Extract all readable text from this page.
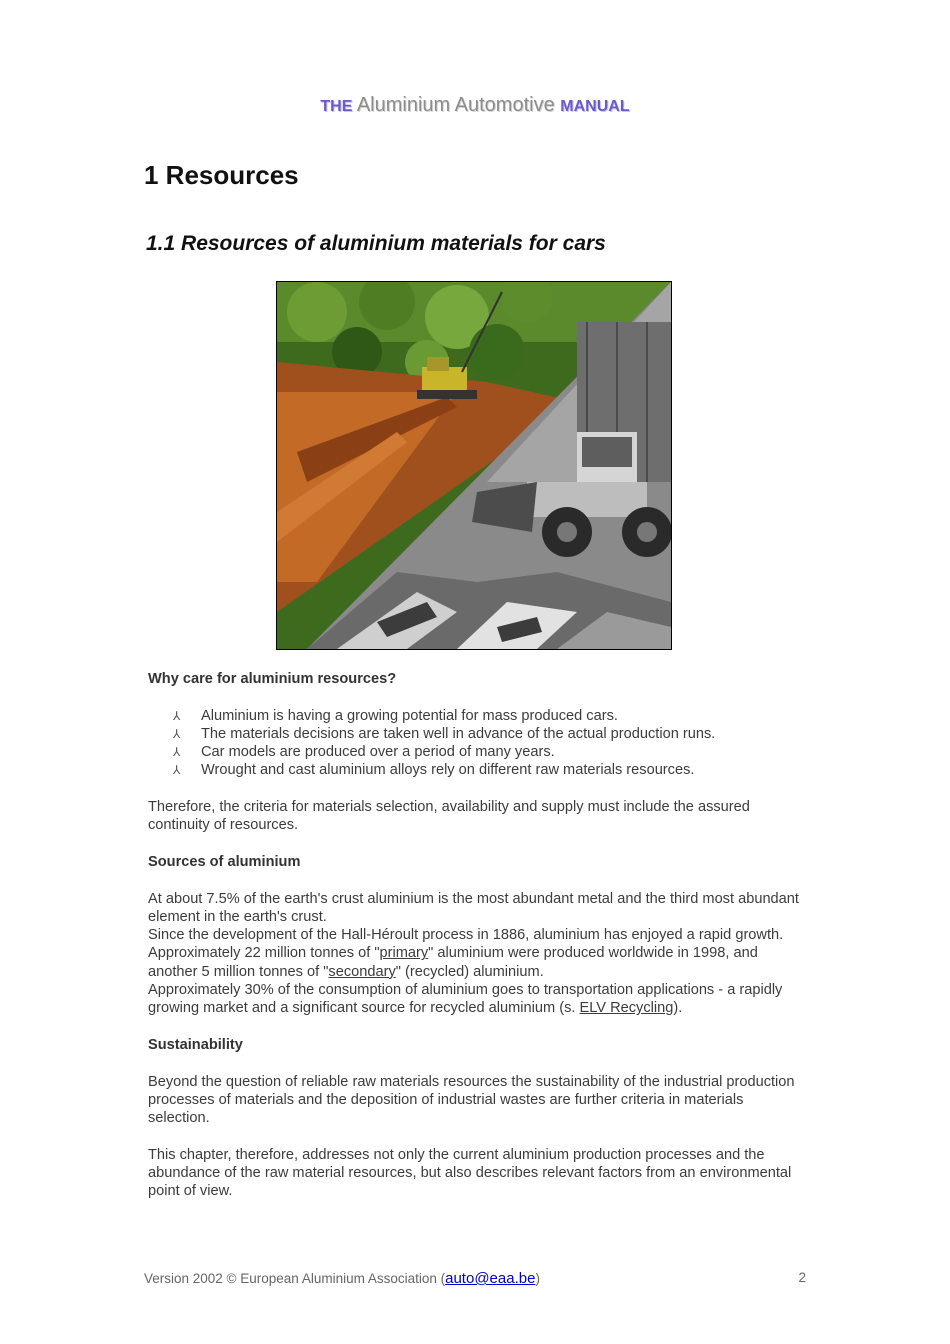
THE Aluminium Automotive MANUAL
1 Resources
1.1 Resources of aluminium materials for cars

Why care for aluminium resources?

⅄ Aluminium is having a growing potential for mass produced cars.
⅄ The materials decisions are taken well in advance of the actual production runs.
⅄ Car models are produced over a period of many years.
⅄ Wrought and cast aluminium alloys rely on different raw materials resources.

Therefore, the criteria for materials selection, availability and supply must include the assured continuity of resources.

Sources of aluminium

At about 7.5% of the earth's crust aluminium is the most abundant metal and the third most abundant element in the earth's crust.
Since the development of the Hall-Héroult process in 1886, aluminium has enjoyed a rapid growth. Approximately 22 million tonnes of "primary" aluminium were produced worldwide in 1998, and another 5 million tonnes of "secondary" (recycled) aluminium.
Approximately 30% of the consumption of aluminium goes to transportation applications - a rapidly growing market and a significant source for recycled aluminium (s. ELV Recycling).

Sustainability

Beyond the question of reliable raw materials resources the sustainability of the industrial production processes of materials and the deposition of industrial wastes are further criteria in materials selection.

This chapter, therefore, addresses not only the current aluminium production processes and the abundance of the raw material resources, but also describes relevant factors from an environmental point of view.

Version 2002 © European Aluminium Association (auto@eaa.be)	2
